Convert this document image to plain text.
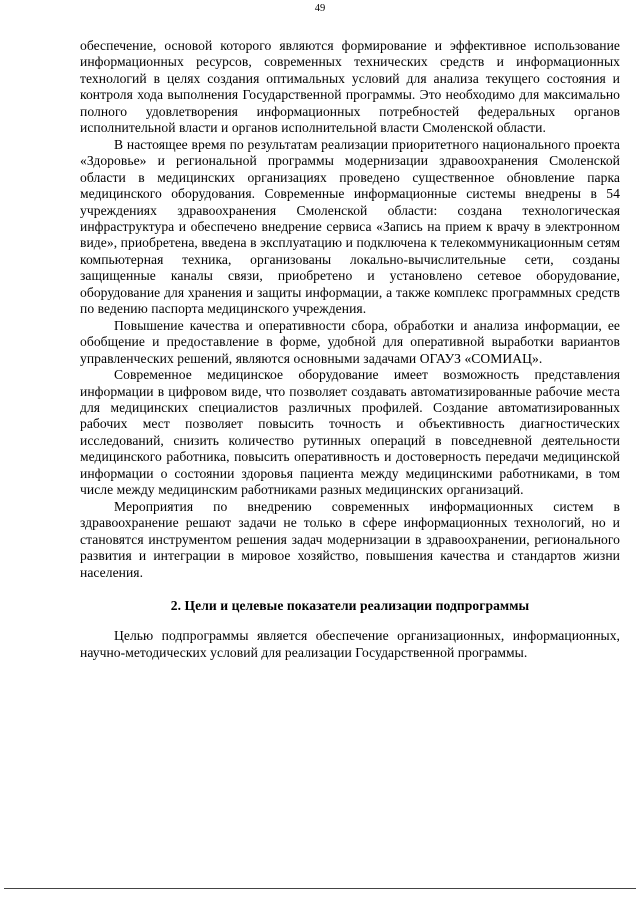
49

обеспечение, основой которого являются формирование и эффективное использование информационных ресурсов, современных технических средств и информационных технологий в целях создания оптимальных условий для анализа текущего состояния и контроля хода выполнения Государственной программы. Это необходимо для максимально полного удовлетворения информационных потребностей федеральных органов исполнительной власти и органов исполнительной власти Смоленской области.

В настоящее время по результатам реализации приоритетного национального проекта «Здоровье» и региональной программы модернизации здравоохранения Смоленской области в медицинских организациях проведено существенное обновление парка медицинского оборудования. Современные информационные системы внедрены в 54 учреждениях здравоохранения Смоленской области: создана технологическая инфраструктура и обеспечено внедрение сервиса «Запись на прием к врачу в электронном виде», приобретена, введена в эксплуатацию и подключена к телекоммуникационным сетям компьютерная техника, организованы локально-вычислительные сети, созданы защищенные каналы связи, приобретено и установлено сетевое оборудование, оборудование для хранения и защиты информации, а также комплекс программных средств по ведению паспорта медицинского учреждения.

Повышение качества и оперативности сбора, обработки и анализа информации, ее обобщение и предоставление в форме, удобной для оперативной выработки вариантов управленческих решений, являются основными задачами ОГАУЗ «СОМИАЦ».

Современное медицинское оборудование имеет возможность представления информации в цифровом виде, что позволяет создавать автоматизированные рабочие места для медицинских специалистов различных профилей. Создание автоматизированных рабочих мест позволяет повысить точность и объективность диагностических исследований, снизить количество рутинных операций в повседневной деятельности медицинского работника, повысить оперативность и достоверность передачи медицинской информации о состоянии здоровья пациента между медицинскими работниками, в том числе между медицинским работниками разных медицинских организаций.

Мероприятия по внедрению современных информационных систем в здравоохранение решают задачи не только в сфере информационных технологий, но и становятся инструментом решения задач модернизации в здравоохранении, регионального развития и интеграции в мировое хозяйство, повышения качества и стандартов жизни населения.

2. Цели и целевые показатели реализации подпрограммы

Целью подпрограммы является обеспечение организационных, информационных, научно-методических условий для реализации Государственной программы.
